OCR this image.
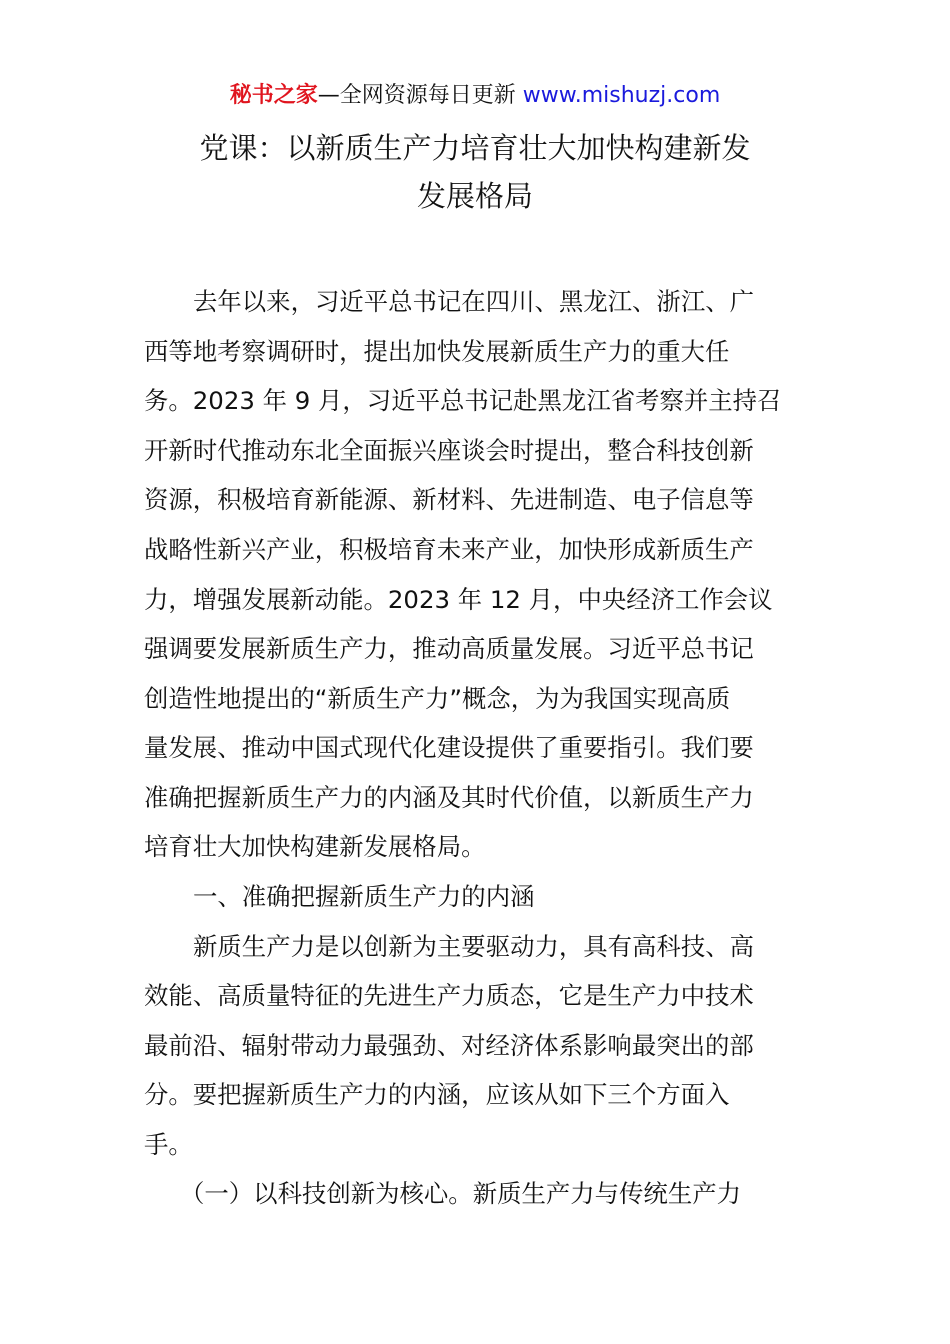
秘书之家—全网资源每日更新 www.mishuzj.com
党课：以新质生产力培育壮大加快构建新发
发展格局
去年以来，习近平总书记在四川、黑龙江、浙江、广
西等地考察调研时，提出加快发展新质生产力的重大任
务。2023 年 9 月，习近平总书记赴黑龙江省考察并主持召
开新时代推动东北全面振兴座谈会时提出，整合科技创新
资源，积极培育新能源、新材料、先进制造、电子信息等
战略性新兴产业，积极培育未来产业，加快形成新质生产
力，增强发展新动能。2023 年 12 月，中央经济工作会议
强调要发展新质生产力，推动高质量发展。习近平总书记
创造性地提出的“新质生产力”概念，为为我国实现高质
量发展、推动中国式现代化建设提供了重要指引。我们要
准确把握新质生产力的内涵及其时代价值，以新质生产力
培育壮大加快构建新发展格局。
一、准确把握新质生产力的内涵
新质生产力是以创新为主要驱动力，具有高科技、高
效能、高质量特征的先进生产力质态，它是生产力中技术
最前沿、辐射带动力最强劲、对经济体系影响最突出的部
分。要把握新质生产力的内涵，应该从如下三个方面入
手。
（一）以科技创新为核心。新质生产力与传统生产力
